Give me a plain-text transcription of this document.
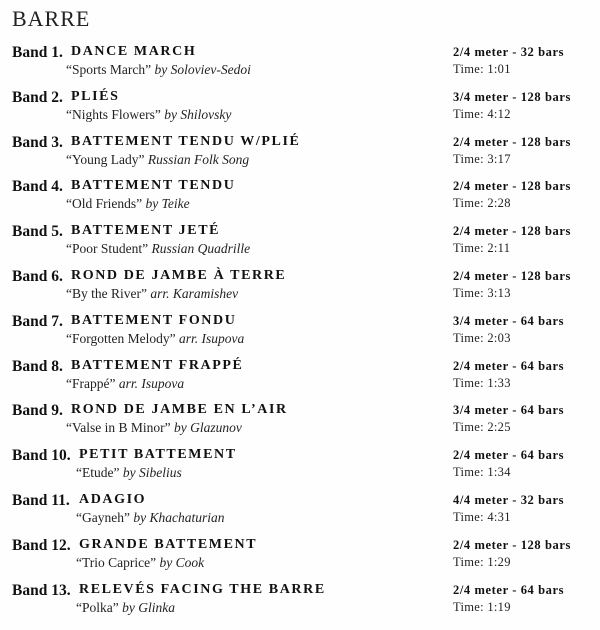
BARRE
Band 1. DANCE MARCH
“Sports March” by Soloviev-Sedoi
2/4 meter - 32 bars
Time: 1:01
Band 2. PLIÉS
“Nights Flowers” by Shilovsky
3/4 meter - 128 bars
Time: 4:12
Band 3. BATTEMENT TENDU W/PLIÉ
“Young Lady” Russian Folk Song
2/4 meter - 128 bars
Time: 3:17
Band 4. BATTEMENT TENDU
“Old Friends” by Teike
2/4 meter - 128 bars
Time: 2:28
Band 5. BATTEMENT JETÉ
“Poor Student” Russian Quadrille
2/4 meter - 128 bars
Time: 2:11
Band 6. ROND DE JAMBE À TERRE
“By the River” arr. Karamishev
2/4 meter - 128 bars
Time: 3:13
Band 7. BATTEMENT FONDU
“Forgotten Melody” arr. Isupova
3/4 meter - 64 bars
Time: 2:03
Band 8. BATTEMENT FRAPPÉ
“Frappé” arr. Isupova
2/4 meter - 64 bars
Time: 1:33
Band 9. ROND DE JAMBE EN L’AIR
“Valse in B Minor” by Glazunov
3/4 meter - 64 bars
Time: 2:25
Band 10. PETIT BATTEMENT
“Etude” by Sibelius
2/4 meter - 64 bars
Time: 1:34
Band 11. ADAGIO
“Gayneh” by Khachaturian
4/4 meter - 32 bars
Time: 4:31
Band 12. GRANDE BATTEMENT
“Trio Caprice” by Cook
2/4 meter - 128 bars
Time: 1:29
Band 13. RELEVÉS FACING THE BARRE
“Polka” by Glinka
2/4 meter - 64 bars
Time: 1:19
